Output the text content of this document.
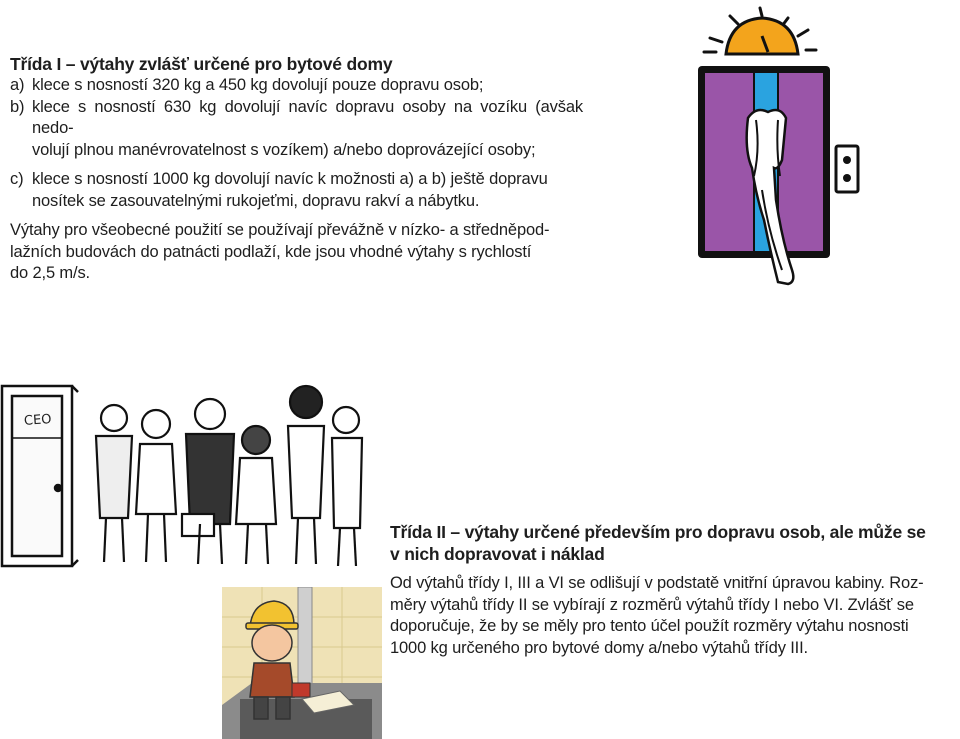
Třída I – výtahy zvlášť určené pro bytové domy
a) klece s nosností 320 kg a 450 kg dovolují pouze dopravu osob;
b) klece s nosností 630 kg dovolují navíc dopravu osoby na vozíku (avšak nedo-
volují plnou manévrovatelnost s vozíkem) a/nebo doprovázející osoby;
c) klece s nosností 1000 kg dovolují navíc k možnosti a) a b) ještě dopravu
nosítek se zasouvatelnými rukojeťmi, dopravu rakví a nábytku.
Výtahy pro všeobecné použití se používají převážně v nízko- a středněpod-
lažních budovách do patnácti podlaží, kde jsou vhodné výtahy s rychlostí
do 2,5 m/s.
Třída II – výtahy určené především pro dopravu osob, ale může se
v nich dopravovat i náklad
Od výtahů třídy I, III a VI se odlišují v podstatě vnitřní úpravou kabiny. Roz-
měry výtahů třídy II se vybírají z rozměrů výtahů třídy I nebo VI. Zvlášť se
doporučuje, že by se měly pro tento účel použít rozměry výtahu nosnosti
1000 kg určeného pro bytové domy a/nebo výtahů třídy III.
CEO
